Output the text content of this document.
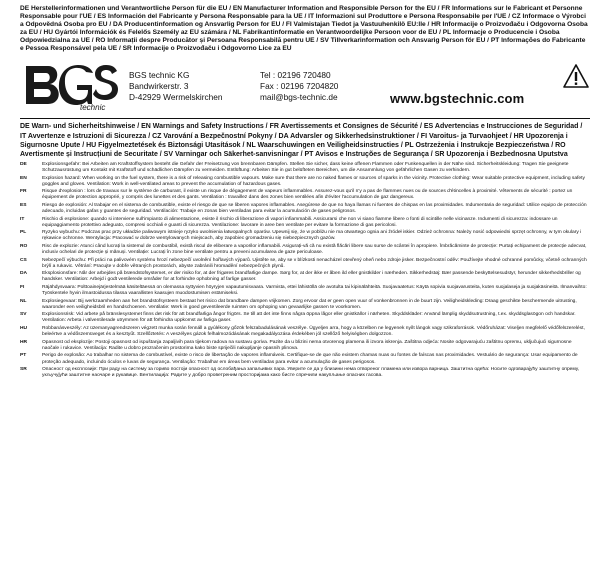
DE Herstellerinformationen und Verantwortliche Person für die EU / EN Manufacturer Information and Responsible Person for the EU / FR Informations sur le Fabricant et Personne Responsable pour l'UE / ES Información del Fabricante y Persona Responsable para la UE / IT Informazioni sul Produttore e Persona Responsabile per l'UE / CZ Informace o Výrobci a Odpovědná Osoba pro EU / DA Producentinformation og Ansvarlig Person for EU / FI Valmistajan Tiedot ja Vastuuhenkilö EU:lle / HR Informacije o Proizvođaču i Odgovorna Osoba za EU / HU Gyártói Információk és Felelős Személy az EU számára / NL Fabrikantinformatie en Verantwoordelijke Persoon voor de EU / PL Informacje o Producencie i Osoba Odpowiedzialna za UE / RO Informații despre Producător și Persoana Responsabilă pentru UE / SV Tillverkarinformation och Ansvarig Person för EU / PT Informações do Fabricante e Pessoa Responsável pela UE / SR Informacije o Proizvođaču i Odgovorno Lice za EU

technic
BGS technic KG
Bandwirkerstr. 3
D-42929 Wermelskirchen
Tel : 02196 720480
Fax : 02196 7204820
mail@bgs-technic.de	www.bgstechnic.com

DE Warn- und Sicherheitshinweise / EN Warnings and Safety Instructions / FR Avertissements et Consignes de Sécurité / ES Advertencias e Instrucciones de Seguridad / IT Avvertenze e Istruzioni di Sicurezza / CZ Varování a Bezpečnostní Pokyny / DA Advarsler og Sikkerhedsinstruktioner / FI Varoitus- ja Turvaohjeet / HR Upozorenja i Sigurnosne Upute / HU Figyelmeztetések és Biztonsági Utasítások / NL Waarschuwingen en Veiligheidsinstructies / PL Ostrzeżenia i Instrukcje Bezpieczeństwa / RO Avertismente și Instrucțiuni de Securitate / SV Varningar och Säkerhet-sanvisningar / PT Avisos e Instruções de Segurança / SR Upozorenja i Bezbednosna Uputstva

DE	Explosionsgefahr: Bei Arbeiten am Kraftstoffsystem besteht die Gefahr der Freisetzung von brennbaren Dämpfen. Stellen Sie sicher, dass keine offenen Flammen oder Funkenquellen in der Nähe sind. Sicherheitskleidung: Tragen Sie geeignete Schutzausrüstung um Kontakt mit Kraftstoff und schädlichen Dämpfen zu vermeiden. Entlüftung: Arbeiten Sie in gut belüfteten Bereichen, um die Ansammlung von gefährlichen Gasen zu verhindern.
EN	Explosion hazard: When working on the fuel system, there is a risk of releasing combustible vapours. Make sure that there are no naked flames or sources of sparks in the vicinity. Protective clothing: Wear suitable protective equipment, including safety goggles and gloves. Ventilation: Work in well-ventilated areas to prevent the accumulation of hazardous gases.
FR	Risque d'explosion : lors de travaux sur le système de carburant, il existe un risque de dégagement de vapeurs inflammables. Assurez-vous qu'il n'y a pas de flammes nues ou de sources d'étincelles à proximité. Vêtements de sécurité : portez un équipement de protection approprié, y compris des lunettes et des gants. Ventilation : travaillez dans des zones bien ventilées afin d'éviter l'accumulation de gaz dangereux.
ES	Riesgo de explosión: Al trabajar en el sistema de combustible, existe el riesgo de que se liberen vapores inflamables. Asegúrese de que no haya llamas ni fuentes de chispas en las proximidades. Indumentaria de seguridad: Utilice equipo de protección adecuado, incluidas gafas y guantes de seguridad. Ventilación: Trabaje en zonas bien ventiladas para evitar la acumulación de gases peligrosos.
IT	Rischio di esplosione: quando si interviene sull'impianto di alimentazione, esiste il rischio di liberazione di vapori infiammabili. Assicurarsi che non vi siano fiamme libere o fonti di scintille nelle vicinanze. Indumenti di sicurezza: indossare un equipaggiamento protettivo adeguato, compresi occhiali e guanti di sicurezza. Ventilazione: lavorare in aree ben ventilate per evitare la formazione di gas pericolosi.
PL	Ryzyko wybuchu: Podczas prac przy układzie paliwowym istnieje ryzyko uwolnienia łatwopalnych oparów. Upewnij się, że w pobliżu nie ma otwartego ognia ani źródeł iskier. Odzież ochronna: Należy nosić odpowiedni sprzęt ochronny, w tym okulary i rękawice ochronne. Wentylacja: Pracować w dobrze wentylowanych miejscach, aby zapobiec gromadzeniu się niebezpiecznych gazów.
RO	Risc de explozie: Atunci când lucrați la sistemul de combustibil, există riscul de eliberare a vaporilor inflamabili. Asigurați-vă că nu există flăcări libere sau surse de scântei în apropiere. Îmbrăcăminte de protecție: Purtați echipament de protecție adecvat, inclusiv ochelari de protecție și mănuși. Ventilație: Lucrați în zone bine ventilate pentru a preveni acumularea de gaze periculoase.
CS	Nebezpečí výbuchu: Při práci na palivovém systému hrozí nebezpečí uvolnění hořlavých výparů. Ujistěte se, aby se v blízkosti nenacházel otevřený oheň nebo zdroje jisker. Bezpečnostní oděv: Používejte vhodné ochranné pomůcky, včetně ochranných brýlí a rukavic. Větrání: Pracujte v dobře větraných prostorách, abyste zabránili hromadění nebezpečných plynů.
DA	Eksplosionsfare: Når der arbejdes på brændstofsystemet, er der risiko for, at der frigøres brandfarlige dampe. Sørg for, at der ikke er åben ild eller gnistkilder i nærheden. Sikkerhedstøj: Bær passende beskyttelsesudstyr, herunder sikkerhedsbriller og handsker. Ventilation: Arbejd i godt ventilerede områder for at forhindre ophobning af farlige gasser.
FI	Räjähdysvaara: Polttoainejärjestelmää käsiteltäessä on olemassa syttyvien höyryjen vapautumisvaara. Varmista, ettei lähistöllä ole avotulta tai kipinälähteitä. Suojavaatetus: Käytä sopivia suojavarusteita, kuten suojalaseja ja suojakäsineitä. Ilmanvaihto: Työskentele hyvin ilmastoidussa tilassa vaarallisten kaasujen muodostumisen estämiseksi.
NL	Explosiegevaar: Bij werkzaamheden aan het brandstofsysteem bestaat het risico dat brandbare dampen vrijkomen. Zorg ervoor dat er geen open vuur of vonkenbronnen in de buurt zijn. Veiligheidskleding: Draag geschikte beschermende uitrusting, waaronder een veiligheidsbril en handschoenen. Ventilatie: Werk in goed geventileerde ruimten om ophoping van gevaarlijke gassen te voorkomen.
SV	Explosionsrisk: Vid arbete på bränslesystemet finns det risk för att brandfarliga ångor frigörs. Se till att det inte finns några öppna lågor eller gnistkällor i närheten. Skyddskläder: Använd lämplig skyddsutrustning, t.ex. skyddsglasögon och handskar. Ventilation: Arbeta i välventilerade utrymmen för att förhindra uppkomst av farliga gaser.
HU	Robbanásveszély: Az üzemanyagrendszeren végzett munka során fennáll a gyúlékony gőzök felszabadulásának veszélye. Ügyeljen arra, hogy a közelben ne legyenek nyílt lángok vagy szikraforrások. Védőruházat: Viseljen megfelelő védőfelszerelést, beleértve a védőszemüveget és a kesztyűt. Szellőztetés: A veszélyes gázok felhalmozódásának megakadályozása érdekében jól szellőző helyiségben dolgozzon.
HR	Opasnost od eksplozije: Postoji opasnost od ispuštanja zapaljivih para tijekom radova na sustavu goriva. Pazite da u blizini nema otvorenog plamena ili izvora iskrenja. Zaštitna odjeća: Nosite odgovarajuću zaštitnu opremu, uključujući sigurnosne naočale i rukavice. Ventilacija: Radite u dobro prozračenim prostorima kako biste spriječili nakupljanje opasnih plinova.
PT	Perigo de explosão: Ao trabalhar no sistema de combustível, existe o risco de libertação de vapores inflamáveis. Certifique-se de que não existem chamas nuas ou fontes de faíscas nas proximidades. Vestuário de segurança: Usar equipamento de proteção adequado, incluindo óculos e luvas de segurança. Ventilação: Trabalhar em áreas bem ventiladas para evitar a acumulação de gases perigosos.
SR	Опасност од експлозије: При раду на систему за гориво постоји опасност од ослобађања запаљивих пара. Уверите се да у близини нема отвореног пламена или извора варница. Заштитна одећа: Носите одговарајућу заштитну опрему, укључујући заштитне наочаре и рукавице. Вентилација: Радите у добро проветреним просторијама како бисте спречили накупљање опасних гасова.
